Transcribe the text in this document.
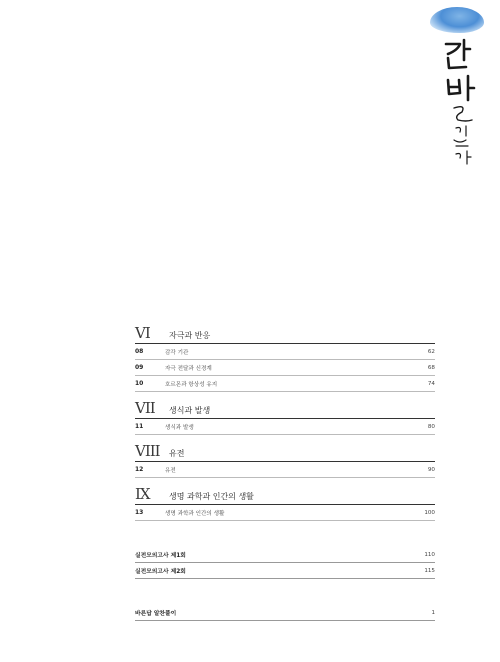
VI	자극과 반응
08	감각 기관	62
09	자극 전달과 신경계	68
10	호르몬과 항상성 유지	74
VII	생식과 발생
11	생식과 발생	80
VIII	유전
12	유전	90
IX	생명 과학과 인간의 생활
13	생명 과학과 인간의 생활	100
실전모의고사 제1회	110
실전모의고사 제2회	115
바른답 알찬풀이	1
